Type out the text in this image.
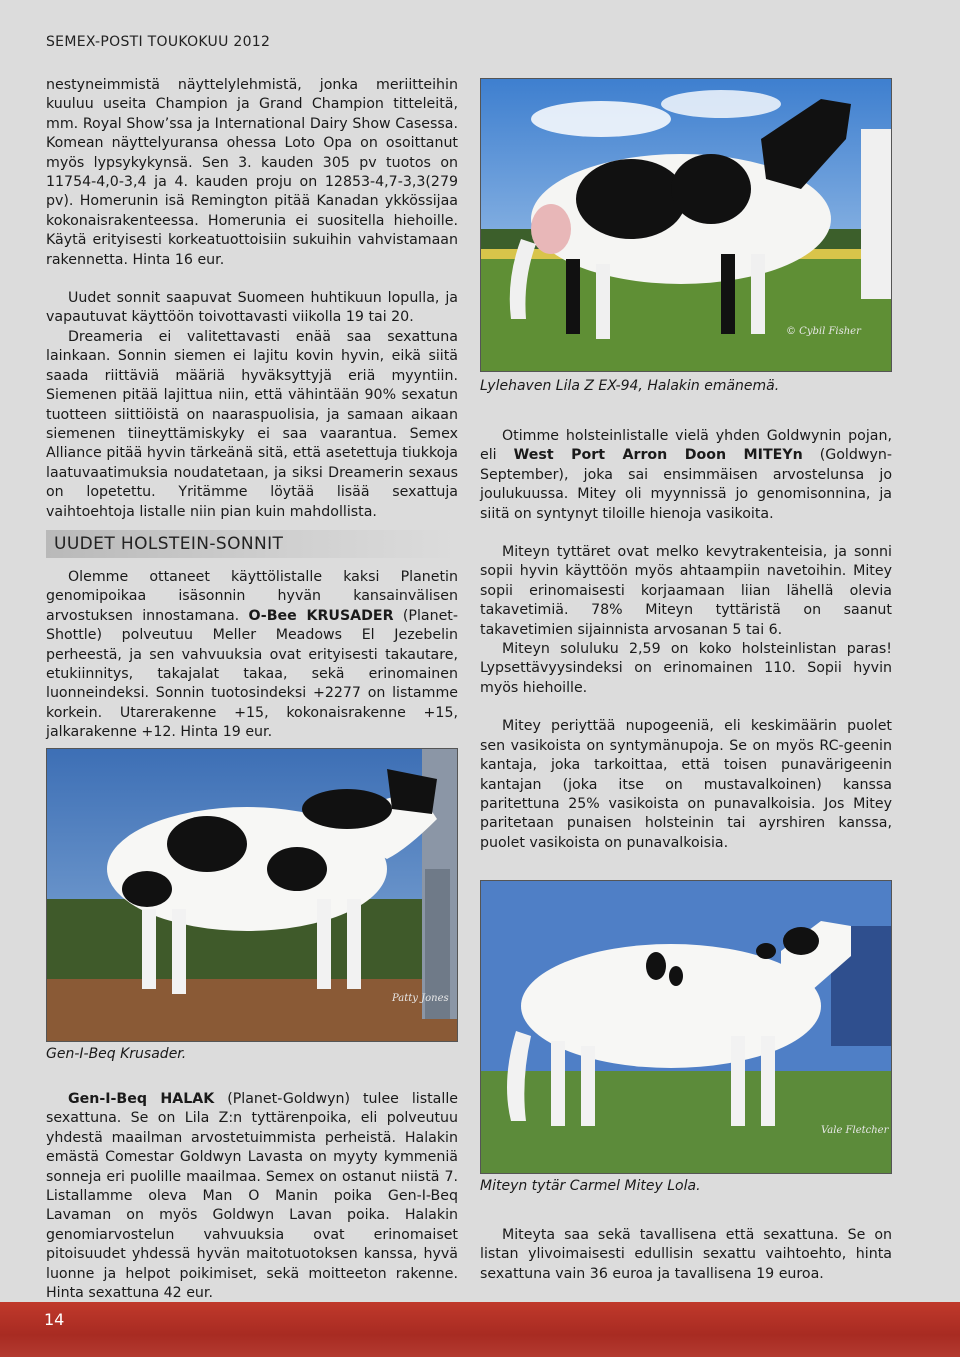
SEMEX-POSTI TOUKOKUU 2012

nestyneimmistä näyttelylehmistä, jonka meriitteihin kuuluu useita Champion ja Grand Champion titteleitä, mm. Royal Show’ssa ja International Dairy Show Casessa. Komean näyttelyuransa ohessa Loto Opa on osoittanut myös lypsykykynsä. Sen 3. kauden 305 pv tuotos on 11754-4,0-3,4 ja 4. kauden proju on 12853-4,7-3,3(279 pv). Homerunin isä Remington pitää Kanadan ykkössijaa kokonaisrakenteessa. Homerunia ei suositella hiehoille. Käytä erityisesti korkeatuottoisiin sukuihin vahvistamaan rakennetta. Hinta 16 eur.

Uudet sonnit saapuvat Suomeen huhtikuun lopulla, ja vapautuvat käyttöön toivottavasti viikolla 19 tai 20.

Dreameria ei valitettavasti enää saa sexattuna lainkaan. Sonnin siemen ei lajitu kovin hyvin, eikä siitä saada riittäviä määriä hyväksyttyjä eriä myyntiin. Siemenen pitää lajittua niin, että vähintään 90% sexatun tuotteen siittiöistä on naaraspuolisia, ja samaan aikaan siemenen tiineyttämiskyky ei saa vaarantua. Semex Alliance pitää hyvin tärkeänä sitä, että asetettuja tiukkoja laatuvaatimuksia noudatetaan, ja siksi Dreamerin sexaus on lopetettu. Yritämme löytää lisää sexattuja vaihtoehtoja listalle niin pian kuin mahdollista.

UUDET HOLSTEIN-SONNIT

Olemme ottaneet käyttölistalle kaksi Planetin genomipoikaa isäsonnin hyvän kansainvälisen arvostuksen innostamana. O-Bee KRUSADER (Planet-Shottle) polveutuu Meller Meadows El Jezebelin perheestä, ja sen vahvuuksia ovat erityisesti takautare, etukiinnitys, takajalat takaa, sekä erinomainen luonneindeksi. Sonnin tuotosindeksi +2277 on listamme korkein. Utarerakenne +15, kokonaisrakenne +15, jalkarakenne +12. Hinta 19 eur.

Patty Jones
Gen-I-Beq Krusader.

Gen-I-Beq HALAK (Planet-Goldwyn) tulee listalle sexattuna. Se on Lila Z:n tyttärenpoika, eli polveutuu yhdestä maailman arvostetuimmista perheistä. Halakin emästä Comestar Goldwyn Lavasta on myyty kymmeniä sonneja eri puolille maailmaa. Semex on ostanut niistä 7. Listallamme oleva Man O Manin poika Gen-I-Beq Lavaman on myös Goldwyn Lavan poika. Halakin genomiarvostelun vahvuuksia ovat erinomaiset pitoisuudet yhdessä hyvän maitotuotoksen kanssa, hyvä luonne ja helpot poikimiset, sekä moitteeton rakenne. Hinta sexattuna 42 eur.

© Cybil Fisher
Lylehaven Lila Z EX-94, Halakin emänemä.

Otimme holsteinlistalle vielä yhden Goldwynin pojan, eli West Port Arron Doon MITEYn (Goldwyn-September), joka sai ensimmäisen arvostelunsa jo joulukuussa. Mitey oli myynnissä jo genomisonnina, ja siitä on syntynyt tiloille hienoja vasikoita.

Miteyn tyttäret ovat melko kevytrakenteisia, ja sonni sopii hyvin käyttöön myös ahtaampiin navetoihin. Mitey sopii erinomaisesti korjaamaan liian lähellä olevia takavetimiä. 78% Miteyn tyttäristä on saanut takavetimien sijainnista arvosanan 5 tai 6.

Miteyn soluluku 2,59 on koko holsteinlistan paras! Lypsettävyysindeksi on erinomainen 110. Sopii hyvin myös hiehoille.

Mitey periyttää nupogeeniä, eli keskimäärin puolet sen vasikoista on syntymänupoja. Se on myös RC-geenin kantaja, joka tarkoittaa, että toisen punavärigeenin kantajan (joka itse on mustavalkoinen) kanssa paritettuna 25% vasikoista on punavalkoisia. Jos Mitey paritetaan punaisen holsteinin tai ayrshiren kanssa, puolet vasikoista on punavalkoisia.

Vale Fletcher
Miteyn tytär Carmel Mitey Lola.

Miteyta saa sekä tavallisena että sexattuna. Se on listan ylivoimaisesti edullisin sexattu vaihtoehto, hinta sexattuna vain 36 euroa ja tavallisena 19 euroa.

14
